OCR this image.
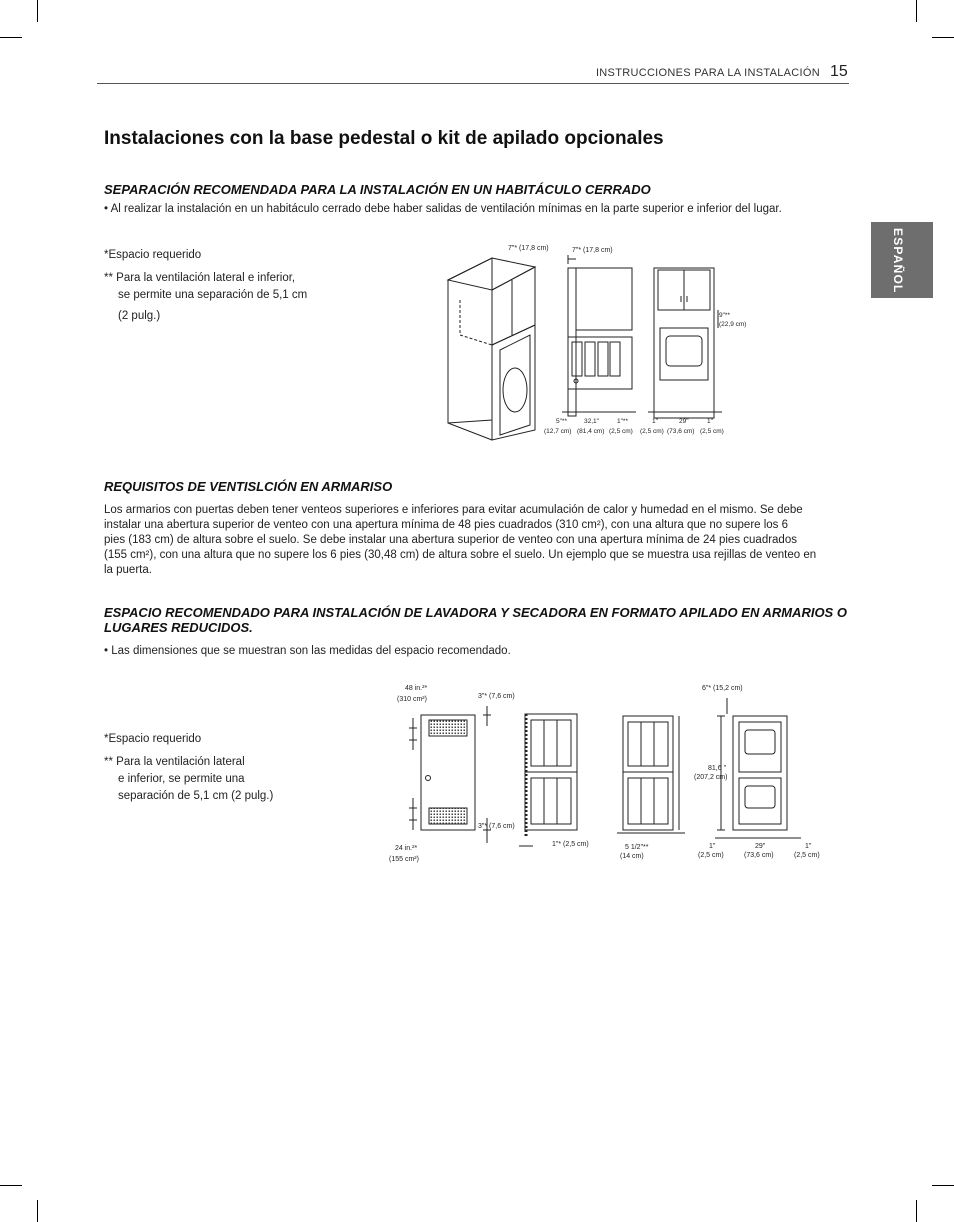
INSTRUCCIONES PARA LA INSTALACIÓN 15
ESPAÑOL
Instalaciones con la base pedestal o kit de apilado opcionales
SEPARACIÓN RECOMENDADA PARA LA INSTALACIÓN EN UN HABITÁCULO CERRADO
• Al realizar la instalación en un habitáculo cerrado debe haber salidas de ventilación mínimas en la parte superior e inferior del lugar.
*Espacio requerido
** Para la ventilación lateral e inferior,
se permite una separación de 5,1 cm
(2 pulg.)
7"* (17,8 cm)	7"* (17,8 cm)
9"**
(22,9 cm)
5"**
(12,7 cm)
32,1"
(81,4 cm)
1"**
(2,5 cm)
1"
(2,5 cm)
29"
(73,6 cm)
1"
(2,5 cm)
REQUISITOS DE VENTISLCIÓN EN ARMARISO
Los armarios con puertas deben tener venteos superiores e inferiores para evitar acumulación de calor y humedad en el mismo. Se debe
instalar una abertura superior de venteo con una apertura mínima de 48 pies cuadrados (310 cm²), con una altura que no supere los 6
pies (183 cm) de altura sobre el suelo. Se debe instalar una abertura superior de venteo con una apertura mínima de 24 pies cuadrados
(155 cm²), con una altura que no supere los 6 pies (30,48 cm) de altura sobre el suelo. Un ejemplo que se muestra usa rejillas de venteo en
la puerta.
ESPACIO RECOMENDADO PARA INSTALACIÓN DE LAVADORA Y SECADORA EN FORMATO APILADO EN ARMARIOS O
LUGARES REDUCIDOS.
• Las dimensiones que se muestran son las medidas del espacio recomendado.
*Espacio requerido
** Para la ventilación lateral
e inferior, se permite una
separación de 5,1 cm (2 pulg.)
48 in.²*
(310 cm²)
24 in.²*
(155 cm²)
3"* (7,6 cm)
3"* (7,6 cm)
1"* (2,5 cm)	5 1/2"**
(14 cm)
6"* (15,2 cm)
81,6 "
(207,2 cm)
1"
(2,5 cm)
29"
(73,6 cm)
1"
(2,5 cm)
